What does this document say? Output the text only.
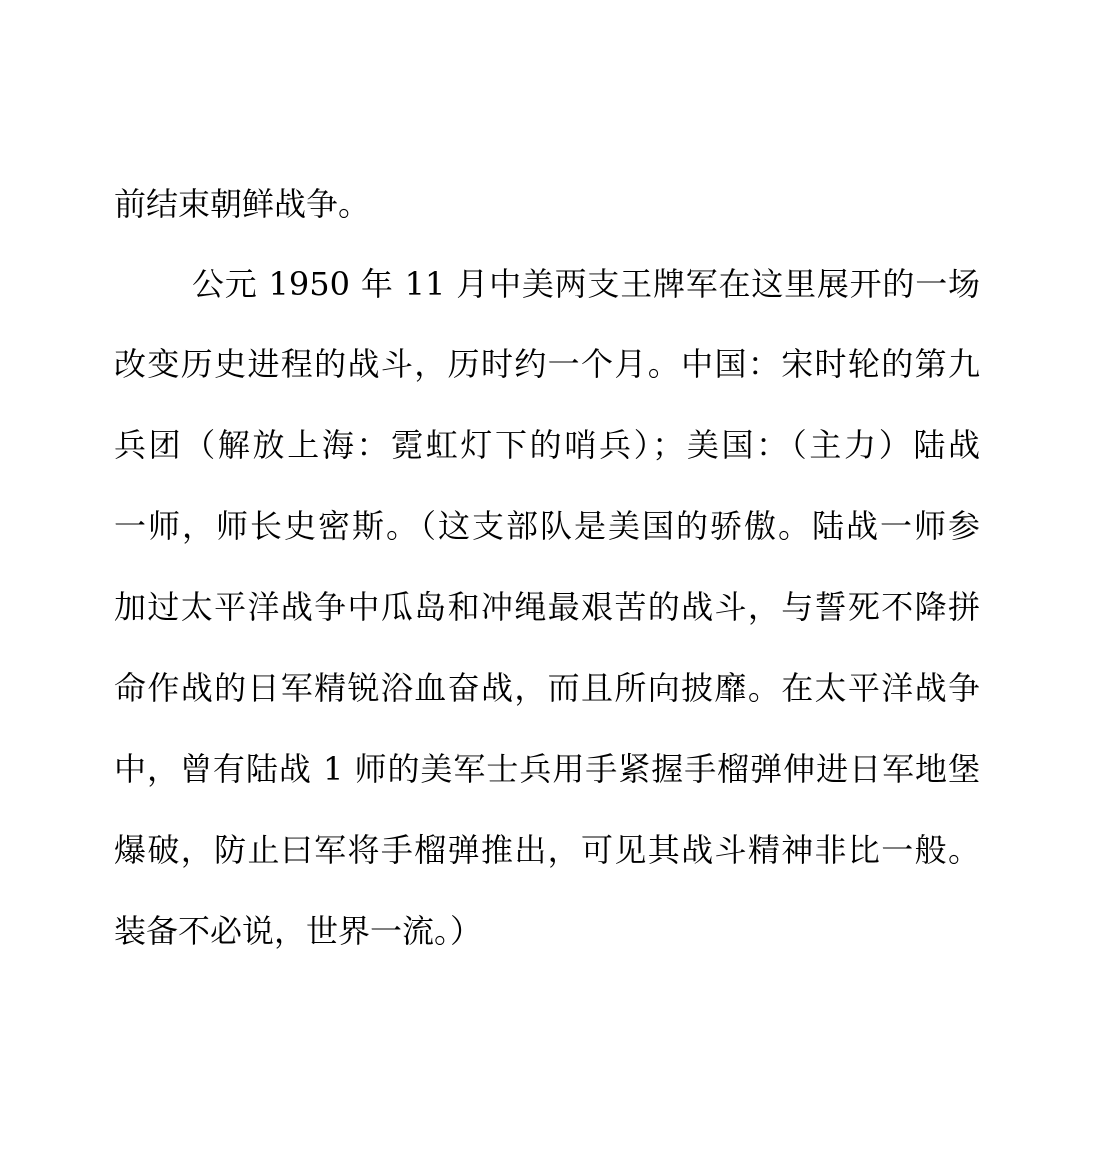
前结束朝鲜战争。
公元 1950 年 11 月中美两支王牌军在这里展开的一场
改变历史进程的战斗，历时约一个月。中国：宋时轮的第九
兵团（解放上海：霓虹灯下的哨兵）；美国：（主力）陆战
一师，师长史密斯。（这支部队是美国的骄傲。陆战一师参
加过太平洋战争中瓜岛和冲绳最艰苦的战斗，与誓死不降拼
命作战的日军精锐浴血奋战，而且所向披靡。在太平洋战争
中，曾有陆战 1 师的美军士兵用手紧握手榴弹伸进日军地堡
爆破，防止曰军将手榴弹推出，可见其战斗精神非比一般。
装备不必说，世界一流。）
